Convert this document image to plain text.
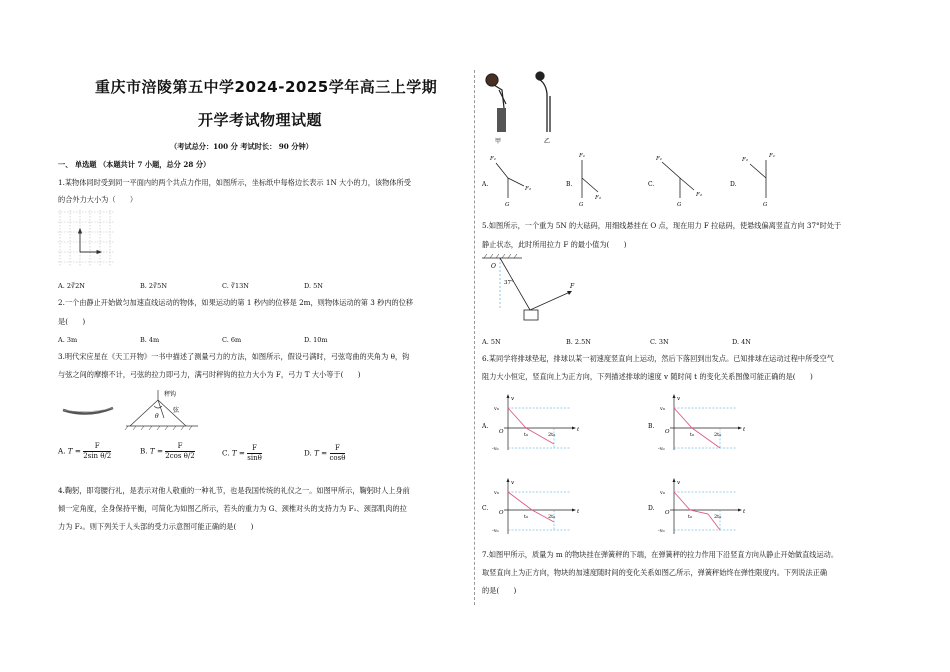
重庆市涪陵第五中学2024-2025学年高三上学期
开学考试物理试题
（考试总分：100 分 考试时长： 90 分钟）
一、 单选题 （本题共计 7 小题，总分 28 分）
1.某物体同时受到同一平面内的两个共点力作用，如图所示，坐标纸中每格边长表示 1N 大小的力，该物体所受
的合外力大小为（　　）
A. 2∛2N	B. 2∛5N	C. ∛13N	D. 5N
2.一个由静止开始做匀加速直线运动的物体，如果运动的第 1 秒内的位移是 2m，则物体运动的第 3 秒内的位移
是(　　)
A. 3m	B. 4m	C. 6m	D. 10m
3.明代宋应星在《天工开物》一书中描述了测量弓力的方法，如图所示，假设弓满时，弓弦弯曲的夹角为 θ，钩
与弦之间的摩擦不计，弓弦的拉力即弓力，满弓时秤钩的拉力大小为 F，弓力 T 大小等于(　　)
秤钩
弦
θ
A. $T = \frac{F}{\text{2sin θ/2}}$	B. $T = \frac{F}{\text{2cos θ/2}}$	C. $T = \frac{F}{\sin\theta}$	D. $T = \frac{F}{\cos\theta}$
4.鞠躬，即弯腰行礼，是表示对他人敬重的一种礼节，也是我国传统的礼仪之一。如图甲所示，鞠躬时人上身前
倾一定角度，全身保持平衡，可简化为如图乙所示，若头的重力为 G、颈椎对头的支持力为 F₁、颈部肌肉的拉
力为 F₂。则下列关于人头部的受力示意图可能正确的是(　　)
甲	乙
A.	B.	C.	D.
F₁
F₂
G
F₁
F₂
G
F₁
F₂
G
F₂
F₁
G
5.如图所示，一个重为 5N 的大砝码，用细线悬挂在 O 点，现在用力 F 拉砝码，使悬线偏离竖直方向 37°时处于
静止状态，此时所用拉力 F 的最小值为(　　)
O
37°	F
A. 5N	B. 2.5N	C. 3N	D. 4N
6.某同学将排球垫起，排球以某一初速度竖直向上运动，然后下落回到出发点。已知排球在运动过程中所受空气
阻力大小恒定，竖直向上为正方向，下列描述排球的速度 v 随时间 t 的变化关系图像可能正确的是(　　)
A.
v
v₀
O
-v₀
t₀	2t₀
t	B.
v
v₀
O
-v₀
t₀	2t₀
t
C.
v
v₀
O
-v₀
t₀	2t₀
t	D.
v
v₀
O
-v₀
t₀	2t₀
t
7.如图甲所示，质量为 m 的物块挂在弹簧秤的下端，在弹簧秤的拉力作用下沿竖直方向从静止开始做直线运动。
取竖直向上为正方向，物块的加速度随时间的变化关系如图乙所示，弹簧秤始终在弹性限度内。下列说法正确
的是(　　)
